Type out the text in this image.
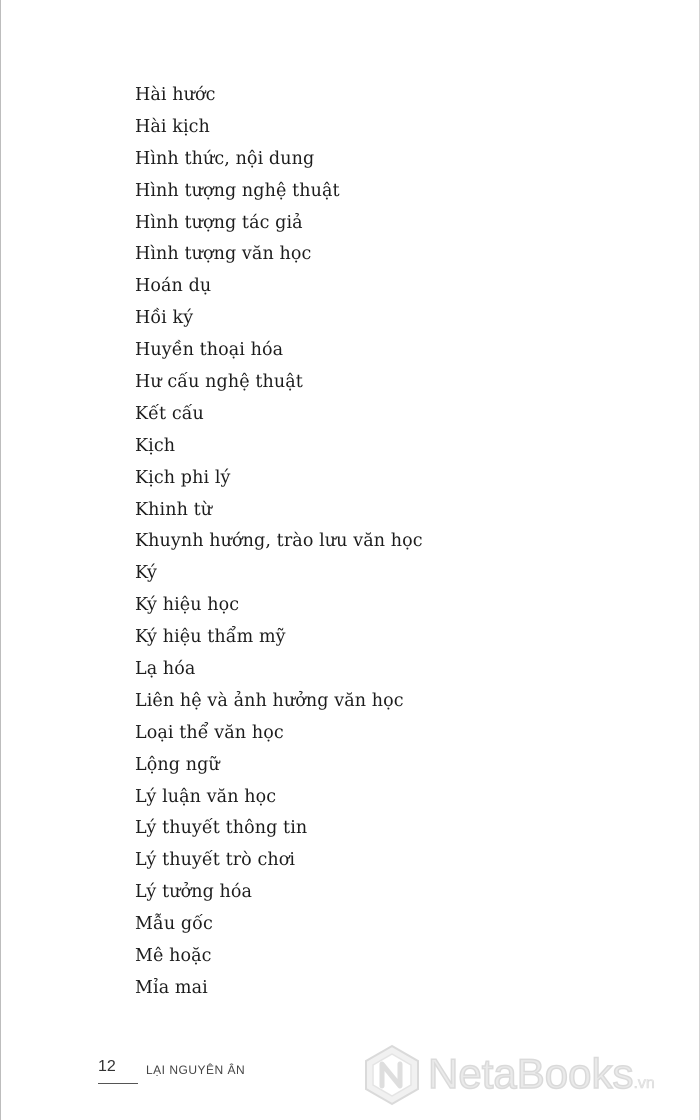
Hài hước
Hài kịch
Hình thức, nội dung
Hình tượng nghệ thuật
Hình tượng tác giả
Hình tượng văn học
Hoán dụ
Hồi ký
Huyền thoại hóa
Hư cấu nghệ thuật
Kết cấu
Kịch
Kịch phi lý
Khinh từ
Khuynh hướng, trào lưu văn học
Ký
Ký hiệu học
Ký hiệu thẩm mỹ
Lạ hóa
Liên hệ và ảnh hưởng văn học
Loại thể văn học
Lộng ngữ
Lý luận văn học
Lý thuyết thông tin
Lý thuyết trò chơi
Lý tưởng hóa
Mẫu gốc
Mê hoặc
Mỉa mai
12	LẠI NGUYÊN ÂN	NetaBooks.vn
